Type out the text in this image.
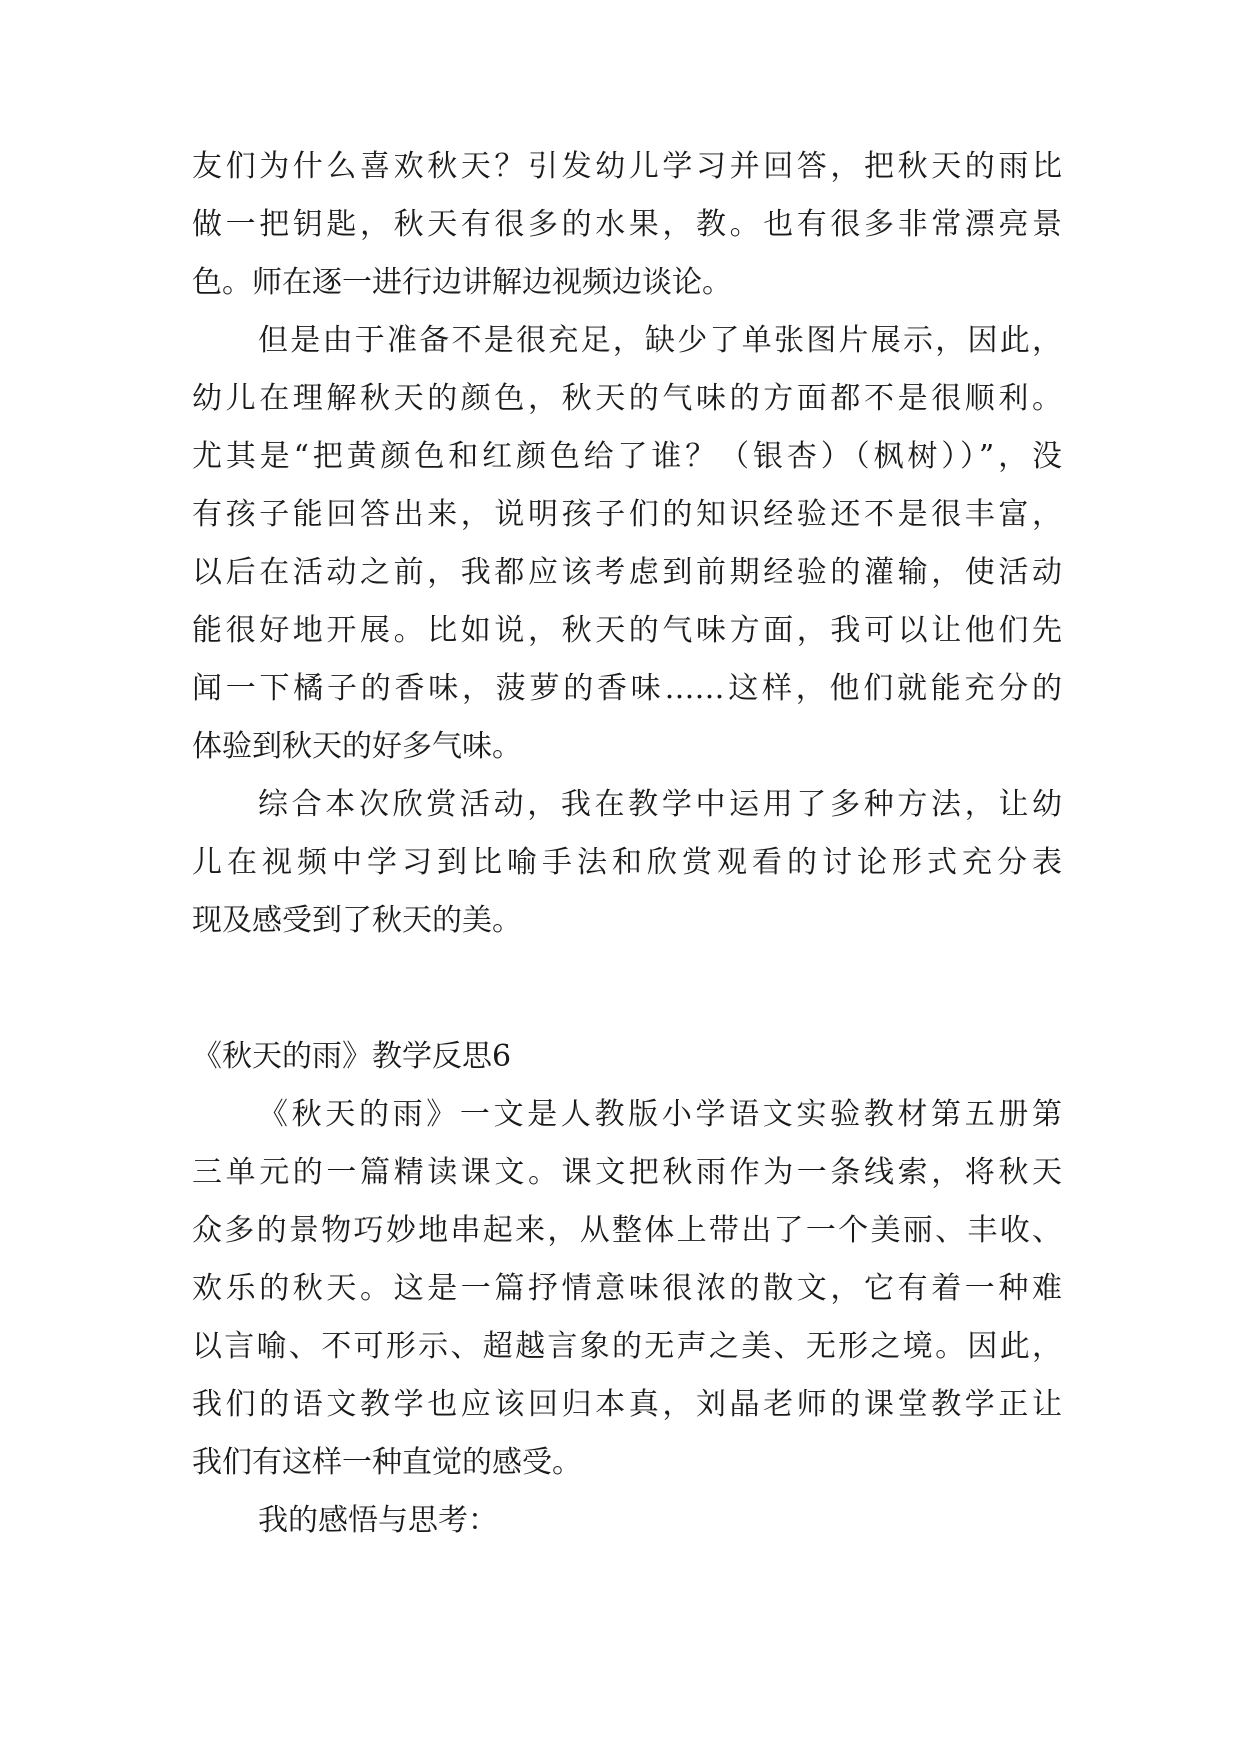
友们为什么喜欢秋天？引发幼儿学习并回答，把秋天的雨比
做一把钥匙，秋天有很多的水果，教。也有很多非常漂亮景
色。师在逐一进行边讲解边视频边谈论。
但是由于准备不是很充足，缺少了单张图片展示，因此，
幼儿在理解秋天的颜色，秋天的气味的方面都不是很顺利。
尤其是“把黄颜色和红颜色给了谁？（银杏）（枫树））”，没
有孩子能回答出来，说明孩子们的知识经验还不是很丰富，
以后在活动之前，我都应该考虑到前期经验的灌输，使活动
能很好地开展。比如说，秋天的气味方面，我可以让他们先
闻一下橘子的香味，菠萝的香味……这样，他们就能充分的
体验到秋天的好多气味。
综合本次欣赏活动，我在教学中运用了多种方法，让幼
儿在视频中学习到比喻手法和欣赏观看的讨论形式充分表
现及感受到了秋天的美。
《秋天的雨》教学反思6
《秋天的雨》一文是人教版小学语文实验教材第五册第
三单元的一篇精读课文。课文把秋雨作为一条线索，将秋天
众多的景物巧妙地串起来，从整体上带出了一个美丽、丰收、
欢乐的秋天。这是一篇抒情意味很浓的散文，它有着一种难
以言喻、不可形示、超越言象的无声之美、无形之境。因此，
我们的语文教学也应该回归本真，刘晶老师的课堂教学正让
我们有这样一种直觉的感受。
我的感悟与思考：
